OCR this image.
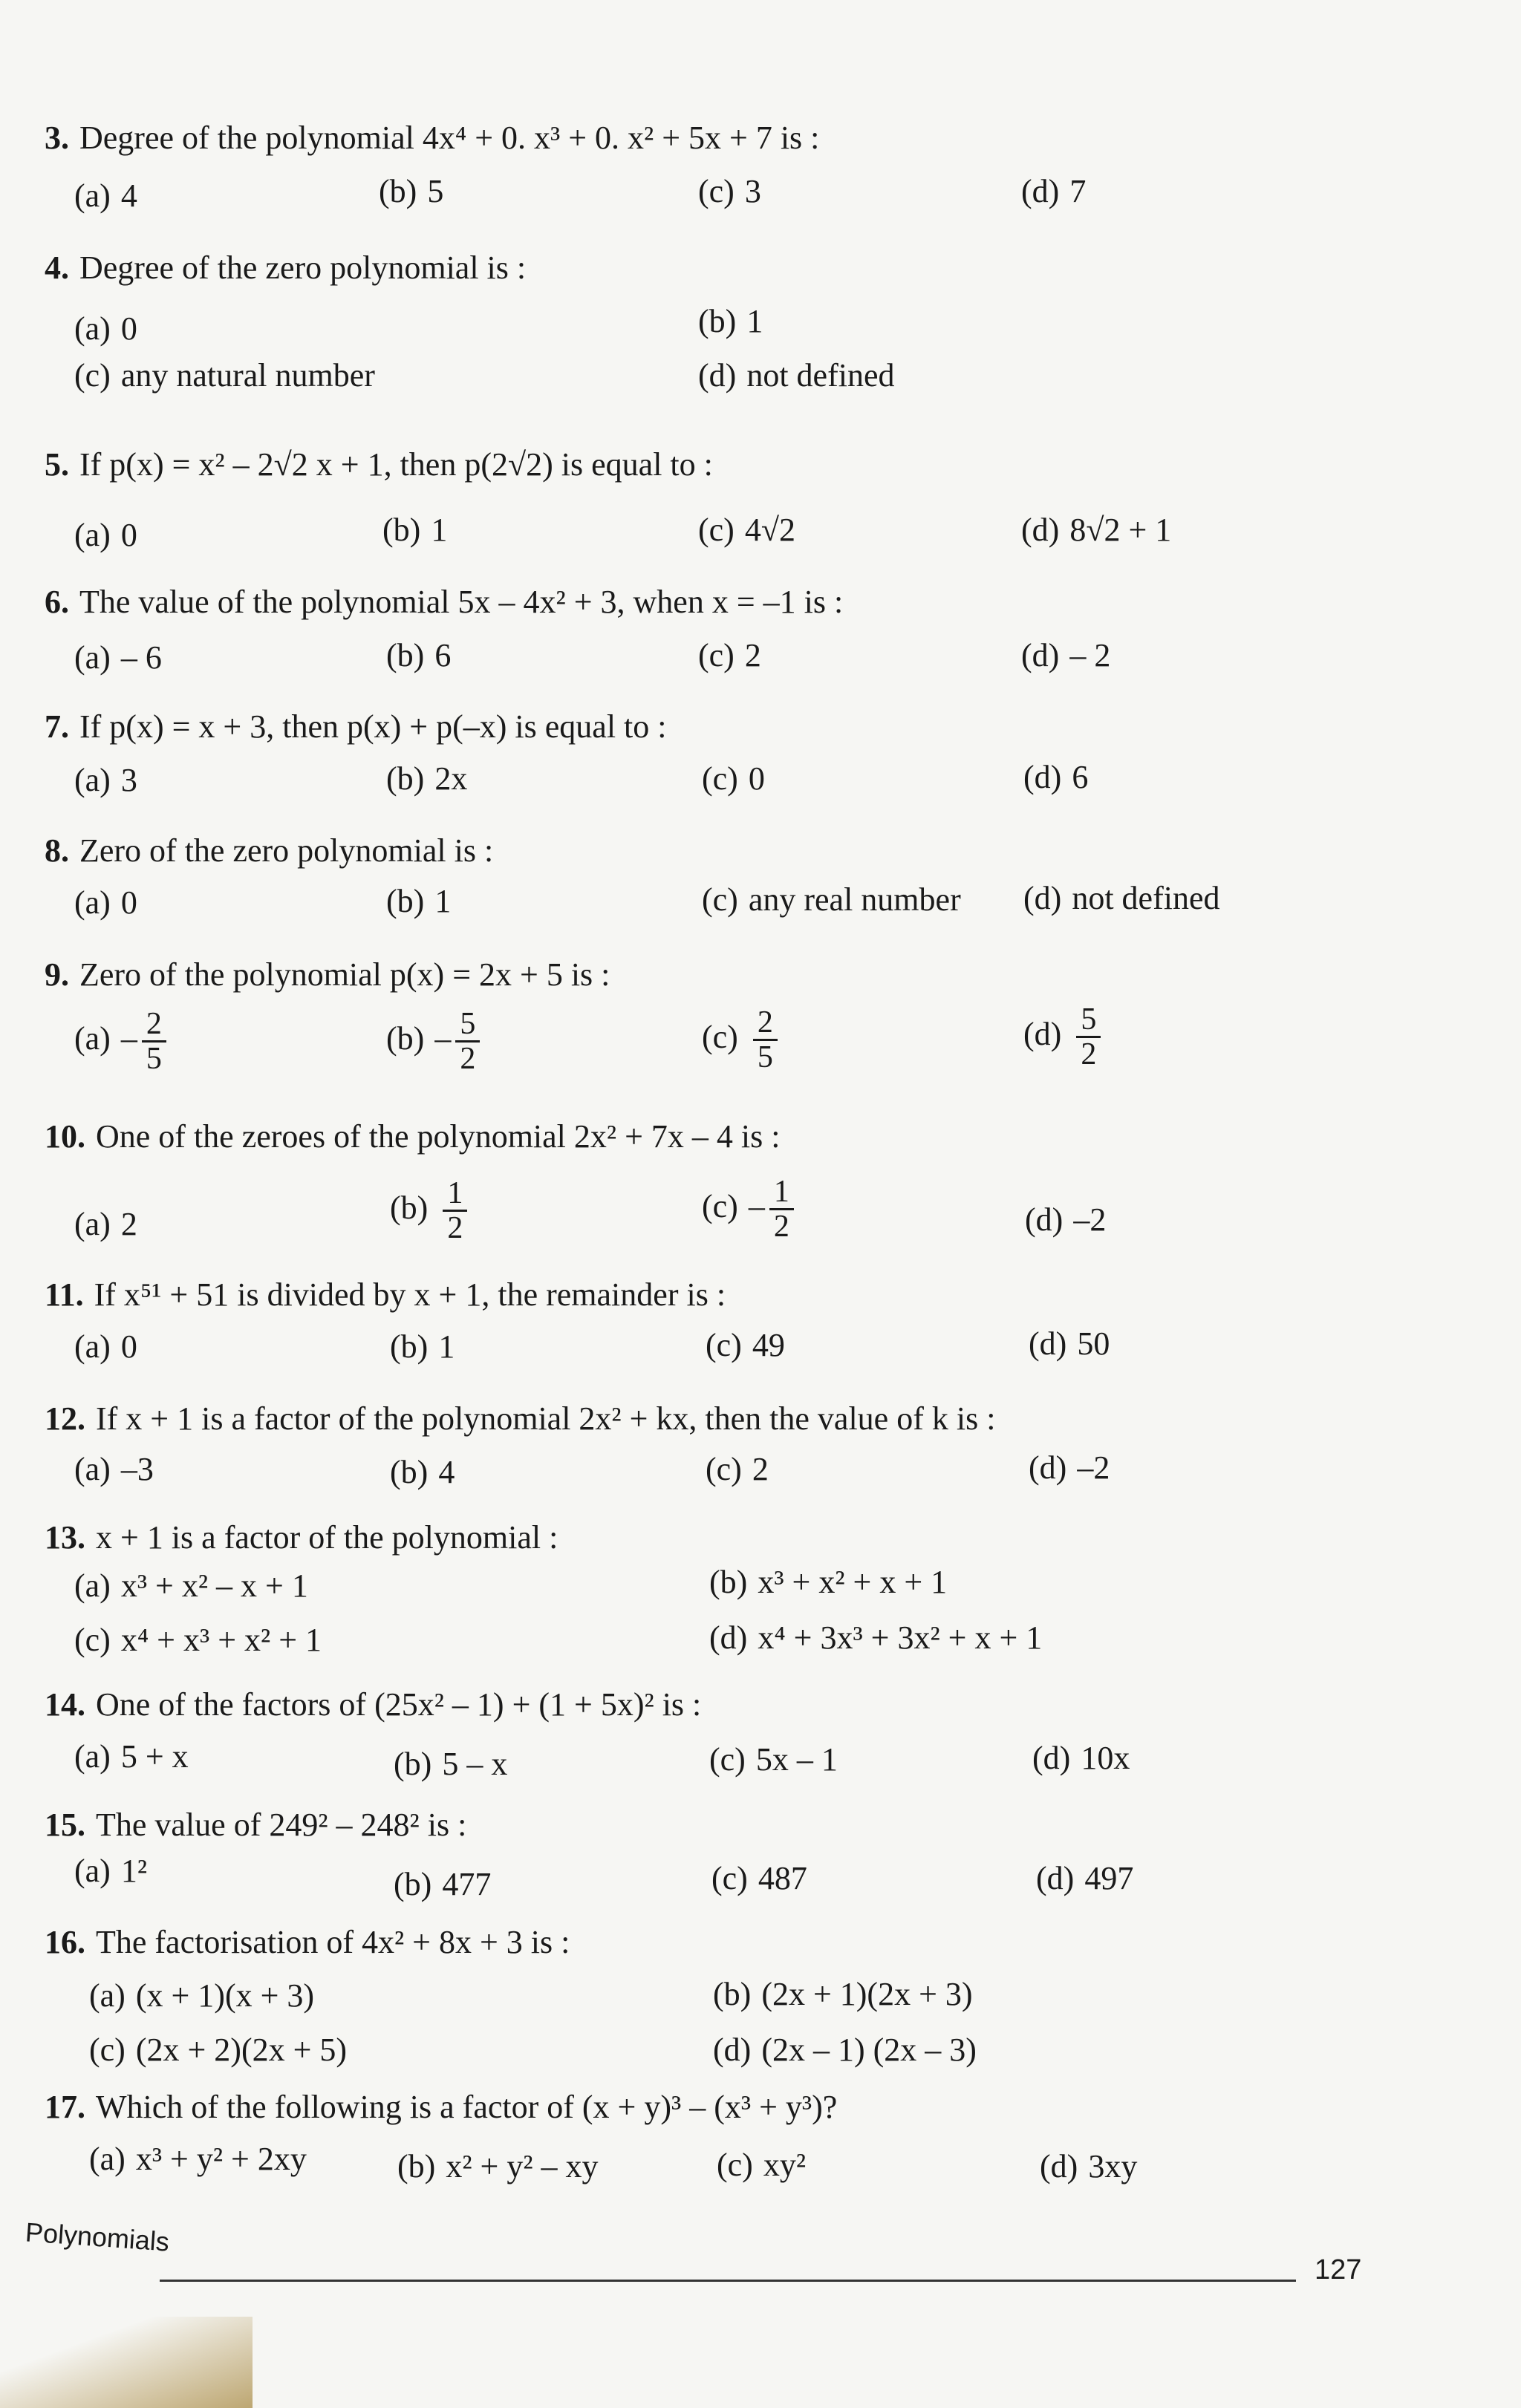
3. Degree of the polynomial 4x⁴ + 0. x³ + 0. x² + 5x + 7 is :
(a) 4	(b) 5	(c) 3	(d) 7
4. Degree of the zero polynomial is :
(a) 0	(b) 1
(c) any natural number	(d) not defined
5. If p(x) = x² – 2√2 x + 1, then p(2√2) is equal to :
(a) 0	(b) 1	(c) 4√2	(d) 8√2 + 1
6. The value of the polynomial 5x – 4x² + 3, when x = –1 is :
(a) – 6	(b) 6	(c) 2	(d) – 2
7. If p(x) = x + 3, then p(x) + p(–x) is equal to :
(a) 3	(b) 2x	(c) 0	(d) 6
8. Zero of the zero polynomial is :
(a) 0	(b) 1	(c) any real number (d) not defined
9. Zero of the polynomial p(x) = 2x + 5 is :
$(a) - \frac{2}{5}$	$(b) - \frac{5}{2}$	$(c) \frac{2}{5}$	$(d) \frac{5}{2}$
10. One of the zeroes of the polynomial 2x² + 7x – 4 is :
(a) 2	$(b) \frac{1}{2}$	$(c) - \frac{1}{2}$	(d) –2
11. If x⁵¹ + 51 is divided by x + 1, the remainder is :
(a) 0	(b) 1	(c) 49	(d) 50
12. If x + 1 is a factor of the polynomial 2x² + kx, then the value of k is :
(a) –3	(b) 4	(c) 2	(d) –2
13. x + 1 is a factor of the polynomial :
(a) x³ + x² – x + 1	(b) x³ + x² + x + 1
(c) x⁴ + x³ + x² + 1	(d) x⁴ + 3x³ + 3x² + x + 1
14. One of the factors of (25x² – 1) + (1 + 5x)² is :
(a) 5 + x	(b) 5 – x	(c) 5x – 1	(d) 10x
15. The value of 249² – 248² is :
(a) 1²	(b) 477	(c) 487	(d) 497
16. The factorisation of 4x² + 8x + 3 is :
(a) (x + 1)(x + 3)	(b) (2x + 1)(2x + 3)
(c) (2x + 2)(2x + 5)	(d) (2x – 1) (2x – 3)
17. Which of the following is a factor of (x + y)³ – (x³ + y³)?
(a) x³ + y² + 2xy	(b) x² + y² – xy	(c) xy²	(d) 3xy
Polynomials
127
